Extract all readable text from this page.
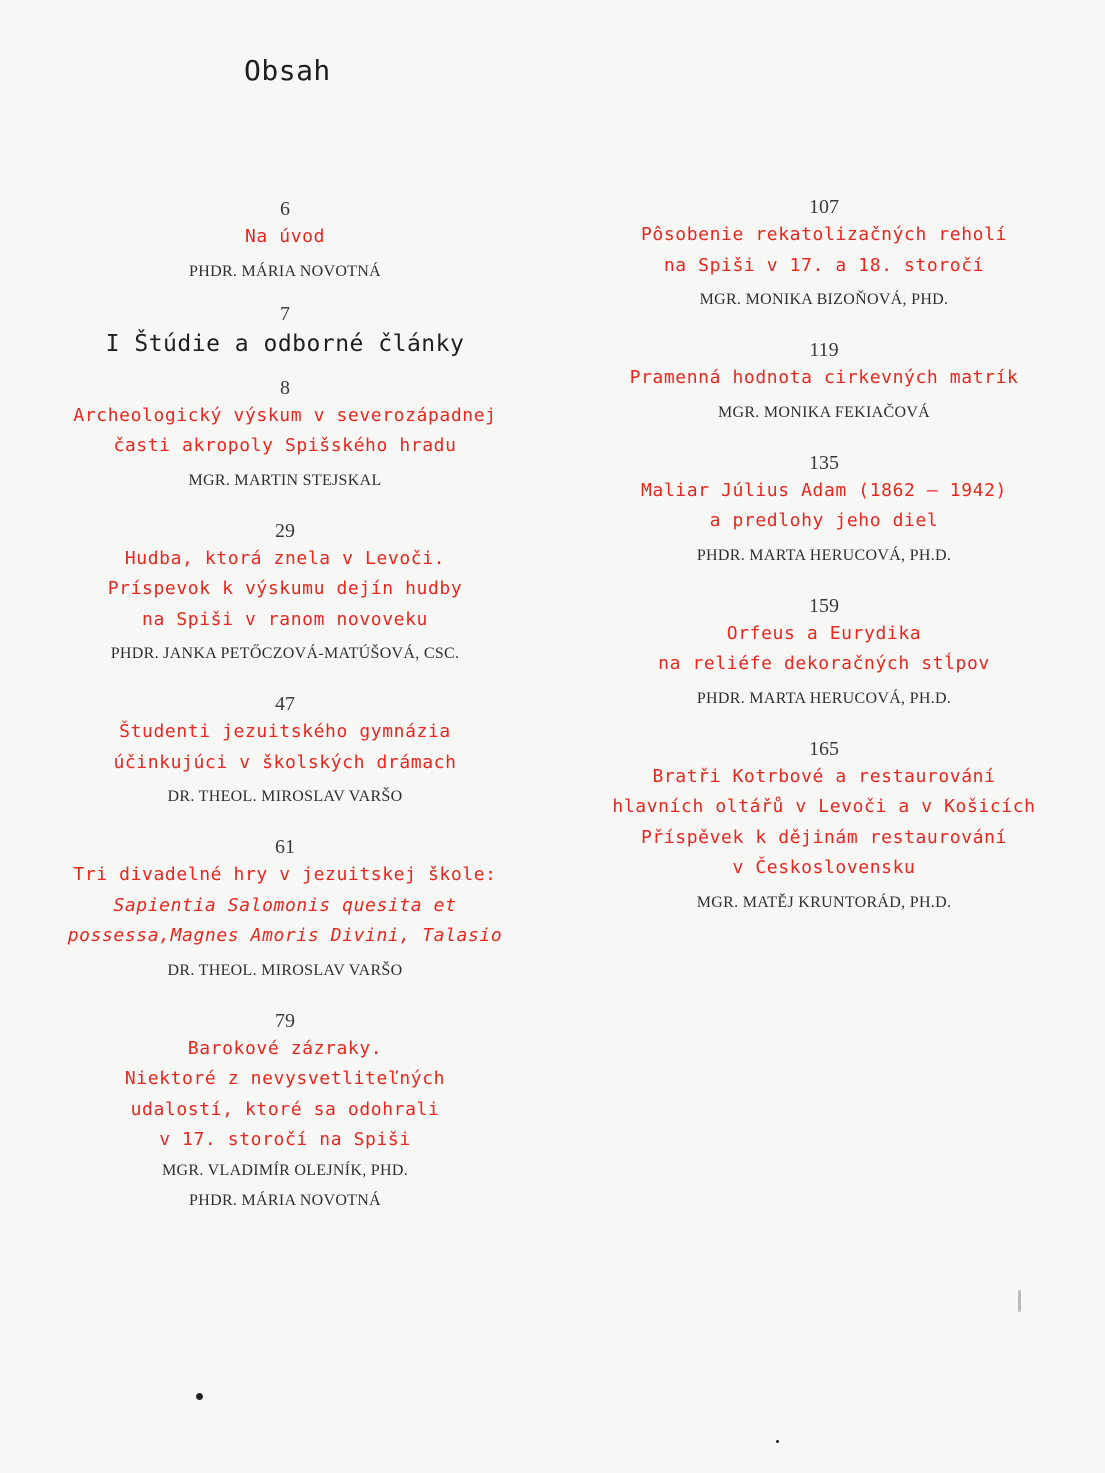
Obsah
6
Na úvod
PHDR. MÁRIA NOVOTNÁ
7
I Štúdie a odborné články
8
Archeologický výskum v severozápadnej
časti akropoly Spišského hradu
MGR. MARTIN STEJSKAL
29
Hudba, ktorá znela v Levoči.
Príspevok k výskumu dejín hudby
na Spiši v ranom novoveku
PHDR. JANKA PETŐCZOVÁ-MATÚŠOVÁ, CSC.
47
Študenti jezuitského gymnázia
účinkujúci v školských drámach
DR. THEOL. MIROSLAV VARŠO
61
Tri divadelné hry v jezuitskej škole:
Sapientia Salomonis quesita et
possessa,Magnes Amoris Divini, Talasio
DR. THEOL. MIROSLAV VARŠO
79
Barokové zázraky.
Niektoré z nevysvetliteľných
udalostí, ktoré sa odohrali
v 17. storočí na Spiši
MGR. VLADIMÍR OLEJNÍK, PHD.
PHDR. MÁRIA NOVOTNÁ
107
Pôsobenie rekatolizačných reholí
na Spiši v 17. a 18. storočí
MGR. MONIKA BIZOŇOVÁ, PHD.
119
Pramenná hodnota cirkevných matrík
MGR. MONIKA FEKIAČOVÁ
135
Maliar Július Adam (1862 – 1942)
a predlohy jeho diel
PHDR. MARTA HERUCOVÁ, PH.D.
159
Orfeus a Eurydika
na reliéfe dekoračných stĺpov
PHDR. MARTA HERUCOVÁ, PH.D.
165
Bratři Kotrbové a restaurování
hlavních oltářů v Levoči a v Košicích
Příspěvek k dějinám restaurování
v Československu
MGR. MATĚJ KRUNTORÁD, PH.D.
